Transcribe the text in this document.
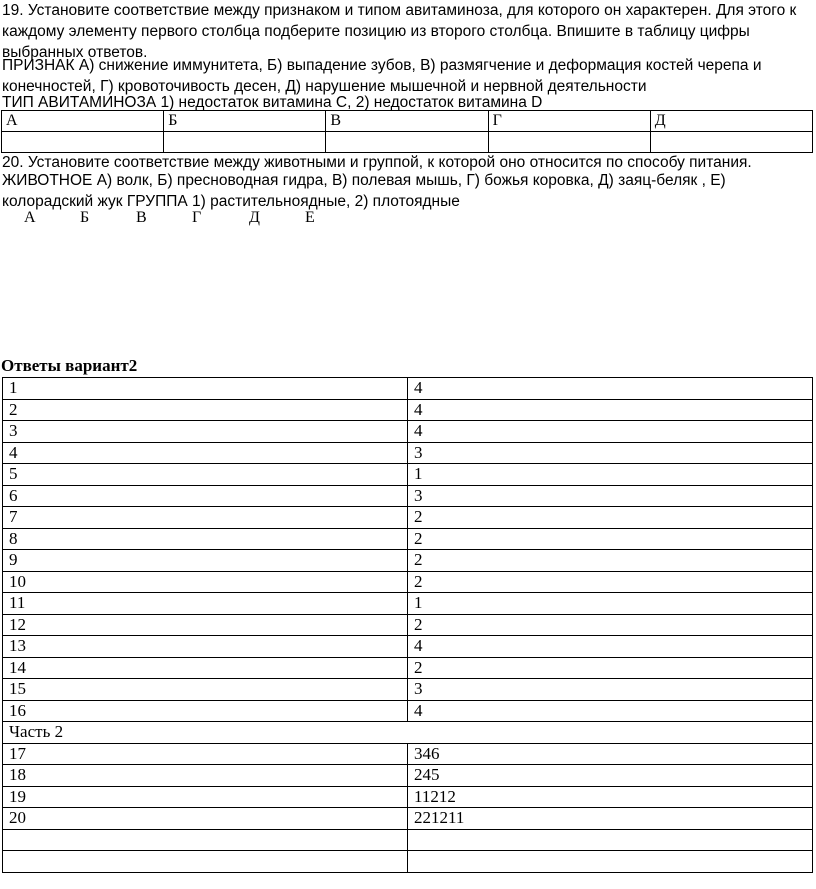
19. Установите соответствие между признаком и типом авитаминоза, для которого он характерен. Для этого к каждому элементу первого столбца подберите позицию из второго столбца. Впишите в таблицу цифры выбранных ответов.
ПРИЗНАК А) снижение иммунитета, Б) выпадение зубов, В) размягчение и деформация костей черепа и конечностей, Г) кровоточивость десен, Д) нарушение мышечной и нервной деятельности
ТИП АВИТАМИНОЗА 1) недостаток витамина С, 2) недостаток витамина D
А	Б	В	Г	Д

20. Установите соответствие между животными и группой, к которой оно относится по способу питания.
ЖИВОТНОЕ А) волк, Б) пресноводная гидра, В) полевая мышь, Г) божья коровка, Д) заяц-беляк , Е) колорадский жук ГРУППА 1) растительноядные, 2) плотоядные
А	Б	В	Г	Д	Е
Ответы вариант2
1	4
2	4
3	4
4	3
5	1
6	3
7	2
8	2
9	2
10	2
11	1
12	2
13	4
14	2
15	3
16	4
Часть 2	
17	346
18	245
19	11212
20	221211
